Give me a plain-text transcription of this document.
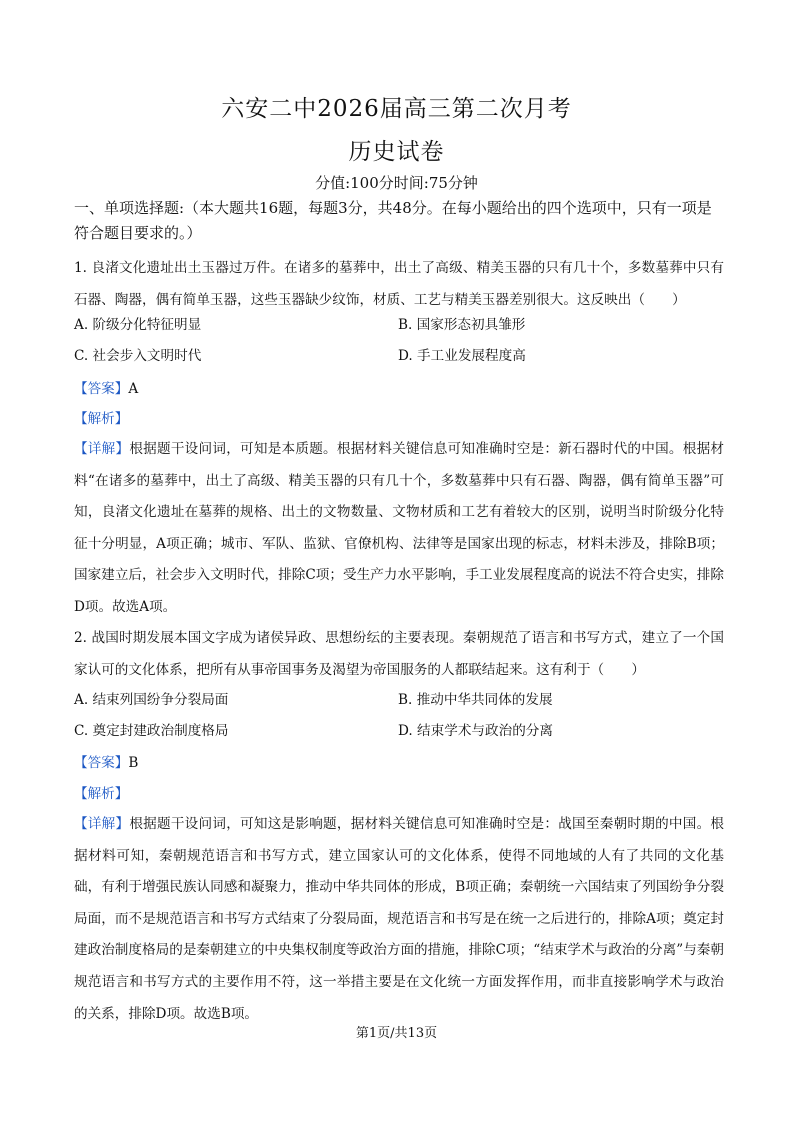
六安二中2026届高三第二次月考
历史试卷
分值:100分时间:75分钟
一、单项选择题:（本大题共16题，每题3分，共48分。在每小题给出的四个选项中，只有一项是符合题目要求的。）
1. 良渚文化遗址出土玉器过万件。在诸多的墓葬中，出土了高级、精美玉器的只有几十个，多数墓葬中只有石器、陶器，偶有简单玉器，这些玉器缺少纹饰，材质、工艺与精美玉器差别很大。这反映出（　　）
A. 阶级分化特征明显	B. 国家形态初具雏形
C. 社会步入文明时代	D. 手工业发展程度高
【答案】A
【解析】
【详解】根据题干设问词，可知是本质题。根据材料关键信息可知准确时空是：新石器时代的中国。根据材料“在诸多的墓葬中，出土了高级、精美玉器的只有几十个，多数墓葬中只有石器、陶器，偶有简单玉器”可知，良渚文化遗址在墓葬的规格、出土的文物数量、文物材质和工艺有着较大的区别，说明当时阶级分化特征十分明显，A项正确；城市、军队、监狱、官僚机构、法律等是国家出现的标志，材料未涉及，排除B项；国家建立后，社会步入文明时代，排除C项；受生产力水平影响，手工业发展程度高的说法不符合史实，排除D项。故选A项。
2. 战国时期发展本国文字成为诸侯异政、思想纷纭的主要表现。秦朝规范了语言和书写方式，建立了一个国家认可的文化体系，把所有从事帝国事务及渴望为帝国服务的人都联结起来。这有利于（　　）
A. 结束列国纷争分裂局面	B. 推动中华共同体的发展
C. 奠定封建政治制度格局	D. 结束学术与政治的分离
【答案】B
【解析】
【详解】根据题干设问词，可知这是影响题，据材料关键信息可知准确时空是：战国至秦朝时期的中国。根据材料可知，秦朝规范语言和书写方式，建立国家认可的文化体系，使得不同地域的人有了共同的文化基础，有利于增强民族认同感和凝聚力，推动中华共同体的形成，B项正确；秦朝统一六国结束了列国纷争分裂局面，而不是规范语言和书写方式结束了分裂局面，规范语言和书写是在统一之后进行的，排除A项；奠定封建政治制度格局的是秦朝建立的中央集权制度等政治方面的措施，排除C项；“结束学术与政治的分离”与秦朝规范语言和书写方式的主要作用不符，这一举措主要是在文化统一方面发挥作用，而非直接影响学术与政治的关系，排除D项。故选B项。
第1页/共13页
